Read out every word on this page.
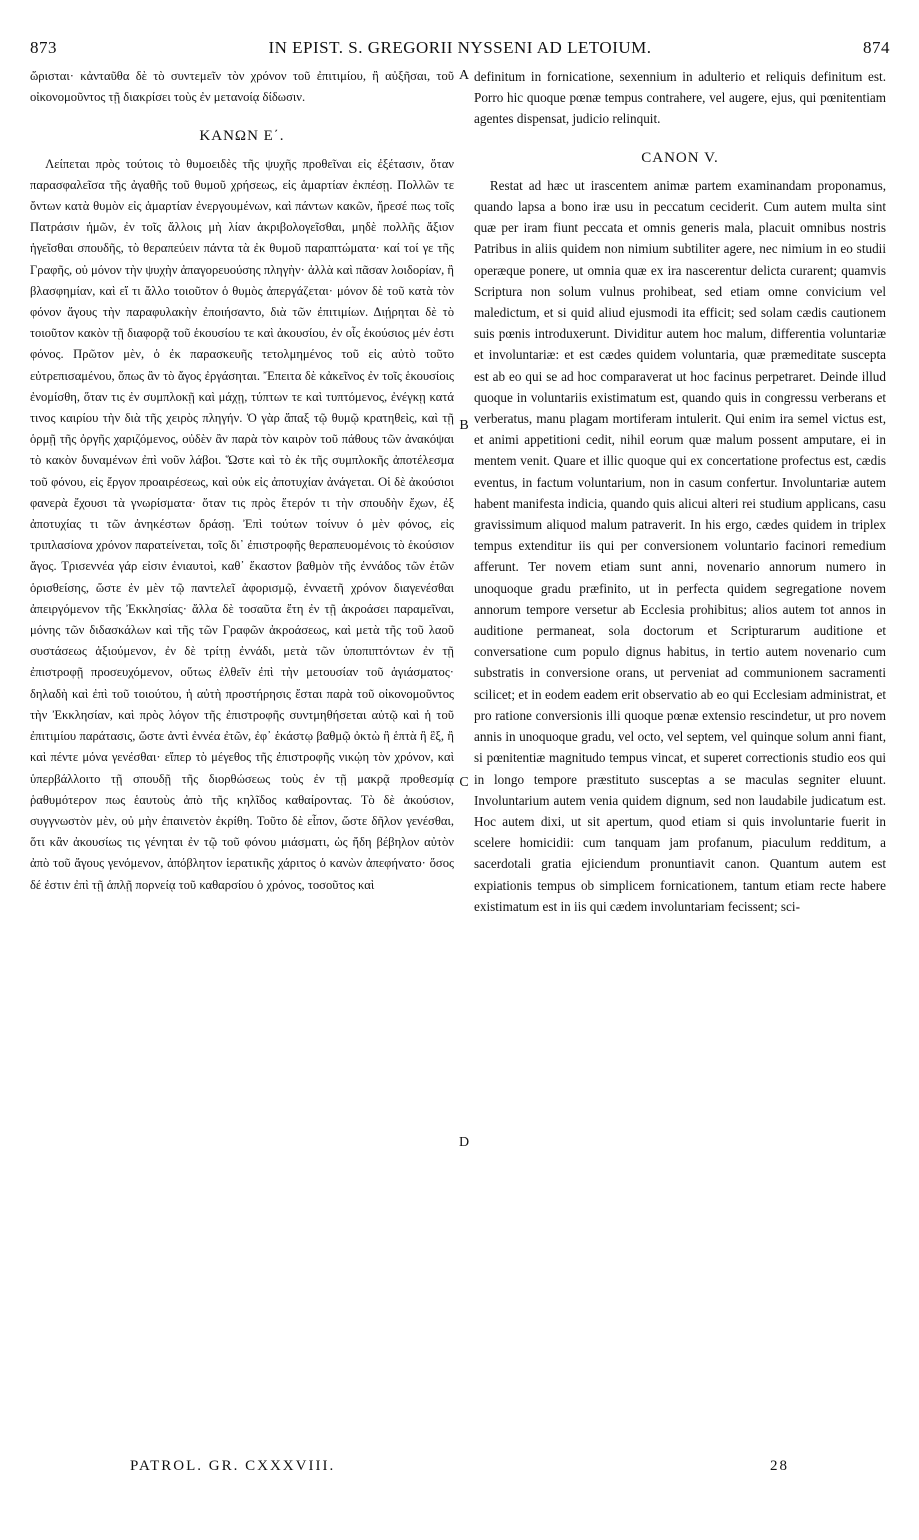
873	IN EPIST. S. GREGORII NYSSENI AD LETOIUM.	874

ὥρισται· κἀνταῦθα δὲ τὸ συντεμεῖν τὸν χρόνον τοῦ ἐπιτιμίου, ἢ αὐξῆσαι, τοῦ οἰκονομοῦντος τῇ διακρίσει τοὺς ἐν μετανοίᾳ δίδωσιν.

ΚΑΝΩΝ Ε΄.

Λείπεται πρὸς τούτοις τὸ θυμοειδὲς τῆς ψυχῆς προθεῖναι εἰς ἐξέτασιν, ὅταν παρασφαλεῖσα τῆς ἀγαθῆς τοῦ θυμοῦ χρήσεως, εἰς ἁμαρτίαν ἐκπέσῃ. Πολλῶν τε ὄντων κατὰ θυμὸν εἰς ἁμαρτίαν ἐνεργουμένων, καὶ πάντων κακῶν, ἤρεσέ πως τοῖς Πατράσιν ἡμῶν, ἐν τοῖς ἄλλοις μὴ λίαν ἀκριβολογεῖσθαι, μηδὲ πολλῆς ἄξιον ἡγεῖσθαι σπουδῆς, τὸ θεραπεύειν πάντα τὰ ἐκ θυμοῦ παραπτώματα· καί τοί γε τῆς Γραφῆς, οὐ μόνον τὴν ψυχὴν ἀπαγορευούσης πληγὴν· ἀλλὰ καὶ πᾶσαν λοιδορίαν, ἢ βλασφημίαν, καὶ εἴ τι ἄλλο τοιοῦτον ὁ θυμὸς ἀπεργάζεται· μόνον δὲ τοῦ κατὰ τὸν φόνον ἄγους τὴν παραφυλακὴν ἐποιήσαντο, διὰ τῶν ἐπιτιμίων. Διῄρηται δὲ τὸ τοιοῦτον κακὸν τῇ διαφορᾷ τοῦ ἑκουσίου τε καὶ ἀκουσίου, ἐν οἷς ἑκούσιος μέν ἐστι φόνος. Πρῶτον μὲν, ὁ ἐκ παρασκευῆς τετολμημένος τοῦ εἰς αὐτὸ τοῦτο εὐτρεπισαμένου, ὅπως ἂν τὸ ἄγος ἐργάσηται. Ἔπειτα δὲ κἀκεῖνος ἐν τοῖς ἑκουσίοις ἐνομίσθη, ὅταν τις ἐν συμπλοκῇ καὶ μάχῃ, τύπτων τε καὶ τυπτόμενος, ἐνέγκῃ κατά τινος καιρίου τὴν διὰ τῆς χειρὸς πληγήν. Ὁ γὰρ ἅπαξ τῷ θυμῷ κρατηθεὶς, καὶ τῇ ὁρμῇ τῆς ὀργῆς χαριζόμενος, οὐδὲν ἂν παρὰ τὸν καιρὸν τοῦ πάθους τῶν ἀνακόψαι τὸ κακὸν δυναμένων ἐπὶ νοῦν λάβοι. Ὥστε καὶ τὸ ἐκ τῆς συμπλοκῆς ἀποτέλεσμα τοῦ φόνου, εἰς ἔργον προαιρέσεως, καὶ οὐκ εἰς ἀποτυχίαν ἀνάγεται. Οἱ δὲ ἀκούσιοι φανερὰ ἔχουσι τὰ γνωρίσματα· ὅταν τις πρὸς ἕτερόν τι τὴν σπουδὴν ἔχων, ἐξ ἀποτυχίας τι τῶν ἀνηκέστων δράσῃ. Ἐπὶ τούτων τοίνυν ὁ μὲν φόνος, εἰς τριπλασίονα χρόνον παρατείνεται, τοῖς δι᾽ ἐπιστροφῆς θεραπευομένοις τὸ ἑκούσιον ἄγος. Τρισεννέα γάρ εἰσιν ἐνιαυτοὶ, καθ᾽ ἕκαστον βαθμὸν τῆς ἐννάδος τῶν ἐτῶν ὁρισθείσης, ὥστε ἐν μὲν τῷ παντελεῖ ἀφορισμῷ, ἐνναετῆ χρόνον διαγενέσθαι ἀπειργόμενον τῆς Ἐκκλησίας· ἄλλα δὲ τοσαῦτα ἔτη ἐν τῇ ἀκροάσει παραμεῖναι, μόνης τῶν διδασκάλων καὶ τῆς τῶν Γραφῶν ἀκροάσεως, καὶ μετὰ τῆς τοῦ λαοῦ συστάσεως ἀξιούμενον, ἐν δὲ τρίτῃ ἐννάδι, μετὰ τῶν ὑποπιπτόντων ἐν τῇ ἐπιστροφῇ προσευχόμενον, οὕτως ἐλθεῖν ἐπὶ τὴν μετουσίαν τοῦ ἁγιάσματος· δηλαδὴ καὶ ἐπὶ τοῦ τοιούτου, ἡ αὐτὴ προστήρησις ἔσται παρὰ τοῦ οἰκονομοῦντος τὴν Ἐκκλησίαν, καὶ πρὸς λόγον τῆς ἐπιστροφῆς συντμηθήσεται αὐτῷ καὶ ἡ τοῦ ἐπιτιμίου παράτασις, ὥστε ἀντὶ ἐννέα ἐτῶν, ἐφ᾽ ἑκάστῳ βαθμῷ ὀκτὼ ἢ ἑπτὰ ἢ ἓξ, ἢ καὶ πέντε μόνα γενέσθαι· εἴπερ τὸ μέγεθος τῆς ἐπιστροφῆς νικῴη τὸν χρόνον, καὶ ὑπερβάλλοιτο τῇ σπουδῇ τῆς διορθώσεως τοὺς ἐν τῇ μακρᾷ προθεσμίᾳ ῥαθυμότερον πως ἑαυτοὺς ἀπὸ τῆς κηλῖδος καθαίροντας. Τὸ δὲ ἀκούσιον, συγγνωστὸν μὲν, οὐ μὴν ἐπαινετὸν ἐκρίθη. Τοῦτο δὲ εἶπον, ὥστε δῆλον γενέσθαι, ὅτι κἂν ἀκουσίως τις γένηται ἐν τῷ τοῦ φόνου μιάσματι, ὡς ἤδη βέβηλον αὐτὸν ἀπὸ τοῦ ἄγους γενόμενον, ἀπόβλητον ἱερατικῆς χάριτος ὁ κανὼν ἀπεφήνατο· ὅσος δέ ἐστιν ἐπὶ τῇ ἁπλῇ πορνείᾳ τοῦ καθαρσίου ὁ χρόνος, τοσοῦτος καὶ

definitum in fornicatione, sexennium in adulterio et reliquis definitum est. Porro hic quoque pœnæ tempus contrahere, vel augere, ejus, qui pœnitentiam agentes dispensat, judicio relinquit.

CANON V.

Restat ad hæc ut irascentem animæ partem examinandam proponamus, quando lapsa a bono iræ usu in peccatum ceciderit. Cum autem multa sint quæ per iram fiunt peccata et omnis generis mala, placuit omnibus nostris Patribus in aliis quidem non nimium subtiliter agere, nec nimium in eo studii operæque ponere, ut omnia quæ ex ira nascerentur delicta curarent; quamvis Scriptura non solum vulnus prohibeat, sed etiam omne convicium vel maledictum, et si quid aliud ejusmodi ita efficit; sed solam cædis cautionem suis pœnis introduxerunt. Dividitur autem hoc malum, differentia voluntariæ et involuntariæ: et est cædes quidem voluntaria, quæ præmeditate suscepta est ab eo qui se ad hoc comparaverat ut hoc facinus perpetraret. Deinde illud quoque in voluntariis existimatum est, quando quis in congressu verberans et verberatus, manu plagam mortiferam intulerit. Qui enim ira semel victus est, et animi appetitioni cedit, nihil eorum quæ malum possent amputare, ei in mentem venit. Quare et illic quoque qui ex concertatione profectus est, cædis eventus, in factum voluntarium, non in casum confertur. Involuntariæ autem habent manifesta indicia, quando quis alicui alteri rei studium applicans, casu gravissimum aliquod malum patraverit. In his ergo, cædes quidem in triplex tempus extenditur iis qui per conversionem voluntario facinori remedium afferunt. Ter novem etiam sunt anni, novenario annorum numero in unoquoque gradu præfinito, ut in perfecta quidem segregatione novem annorum tempore versetur ab Ecclesia prohibitus; alios autem tot annos in auditione permaneat, sola doctorum et Scripturarum auditione et conversatione cum populo dignus habitus, in tertio autem novenario cum substratis in conversione orans, ut perveniat ad communionem sacramenti scilicet; et in eodem eadem erit observatio ab eo qui Ecclesiam administrat, et pro ratione conversionis illi quoque pœnæ extensio rescindetur, ut pro novem annis in unoquoque gradu, vel octo, vel septem, vel quinque solum anni fiant, si pœnitentiæ magnitudo tempus vincat, et superet correctionis studio eos qui in longo tempore præstituto susceptas a se maculas segniter eluunt. Involuntarium autem venia quidem dignum, sed non laudabile judicatum est. Hoc autem dixi, ut sit apertum, quod etiam si quis involuntarie fuerit in scelere homicidii: cum tanquam jam profanum, piaculum redditum, a sacerdotali gratia ejiciendum pronuntiavit canon. Quantum autem est expiationis tempus ob simplicem fornicationem, tantum etiam recte habere existimatum est in iis qui cædem involuntariam fecissent; sci-

A
B
C
D
PATROL. GR. CXXXVIII.	28
